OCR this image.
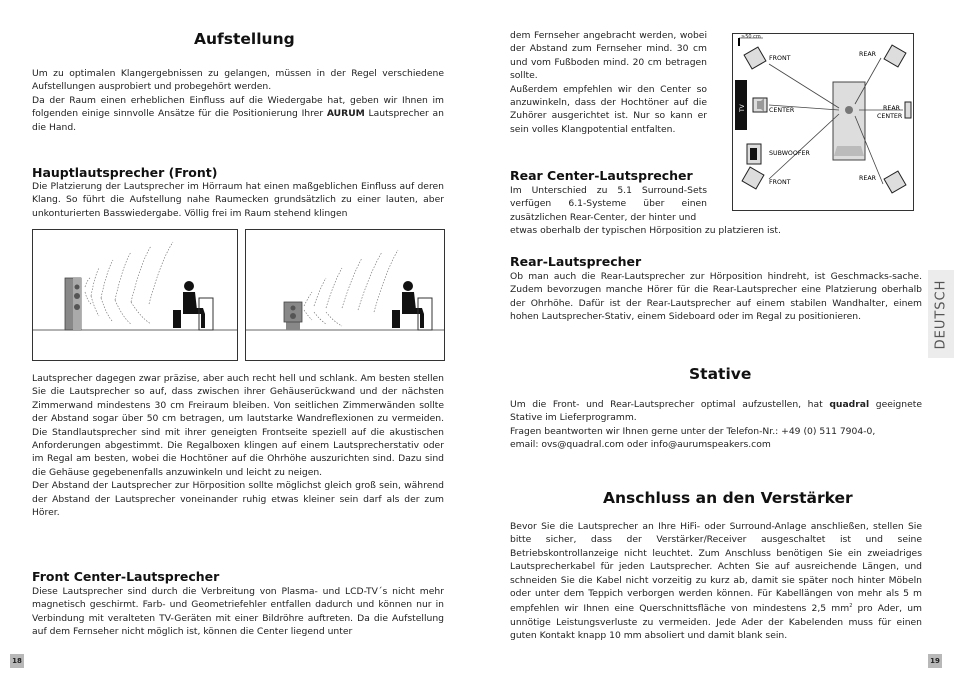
Aufstellung
Um zu optimalen Klangergebnissen zu gelangen, müssen in der Regel verschiedene Aufstellungen ausprobiert und probegehört werden.
Da der Raum einen erheblichen Einfluss auf die Wiedergabe hat, geben wir Ihnen im folgenden einige sinnvolle Ansätze für die Positionierung Ihrer AURUM Lautsprecher an die Hand.
Hauptlautsprecher (Front)
Die Platzierung der Lautsprecher im Hörraum hat einen maßgeblichen Einfluss auf deren Klang. So führt die Aufstellung nahe Raumecken grundsätzlich zu einer lauten, aber unkonturierten Basswiedergabe. Völlig frei im Raum stehend klingen
Lautsprecher dagegen zwar präzise, aber auch recht hell und schlank. Am besten stellen Sie die Lautsprecher so auf, dass zwischen ihrer Gehäuserückwand und der nächsten Zimmerwand mindestens 30 cm Freiraum bleiben. Von seitlichen Zimmerwänden sollte der Abstand sogar über 50 cm betragen, um lautstarke Wandreflexionen zu vermeiden. Die Standlautsprecher sind mit ihrer geneigten Frontseite speziell auf die akustischen Anforderungen abgestimmt. Die Regalboxen klingen auf einem Lautsprecherstativ oder im Regal am besten, wobei die Hochtöner auf die Ohrhöhe auszurichten sind. Dazu sind die Gehäuse gegebenenfalls anzuwinkeln und leicht zu neigen.
Der Abstand der Lautsprecher zur Hörposition sollte möglichst gleich groß sein, während der Abstand der Lautsprecher voneinander ruhig etwas kleiner sein darf als der zum Hörer.
Front Center-Lautsprecher
Diese Lautsprecher sind durch die Verbreitung von Plasma- und LCD-TV´s nicht mehr magnetisch geschirmt. Farb- und Geometriefehler entfallen dadurch und können nur in Verbindung mit veralteten TV-Geräten mit einer Bildröhre auftreten. Da die Aufstellung auf dem Fernseher nicht möglich ist, können die Center liegend unter
18
dem Fernseher angebracht werden, wobei der Abstand zum Fernseher mind. 30 cm und vom Fußboden mind. 20 cm betragen sollte.
Außerdem empfehlen wir den Center so anzuwinkeln, dass der Hochtöner auf die Zuhörer ausgerichtet ist. Nur so kann er sein volles Klangpotential entfalten.
≥50 cm
TV
FRONT
REAR
CENTER	REAR
CENTER
SUBWOOFER
FRONT
REAR
Rear Center-Lautsprecher
Im Unterschied zu 5.1 Surround-Sets verfügen 6.1-Systeme über einen zusätzlichen Rear-Center, der hinter und
etwas oberhalb der typischen Hörposition zu platzieren ist.
Rear-Lautsprecher
Ob man auch die Rear-Lautsprecher zur Hörposition hindreht, ist Geschmacks-sache. Zudem bevorzugen manche Hörer für die Rear-Lautsprecher eine Platzierung oberhalb der Ohrhöhe. Dafür ist der Rear-Lautsprecher auf einem stabilen Wandhalter, einem hohen Lautsprecher-Stativ, einem Sideboard oder im Regal zu positionieren.	DEUTSCH
Stative
Um die Front- und Rear-Lautsprecher optimal aufzustellen, hat quadral geeignete Stative im Lieferprogramm.
Fragen beantworten wir Ihnen gerne unter der Telefon-Nr.: +49 (0) 511 7904-0,
email: ovs@quadral.com oder info@aurumspeakers.com
Anschluss an den Verstärker
Bevor Sie die Lautsprecher an Ihre HiFi- oder Surround-Anlage anschließen, stellen Sie bitte sicher, dass der Verstärker/Receiver ausgeschaltet ist und seine Betriebskontrollanzeige nicht leuchtet. Zum Anschluss benötigen Sie ein zweiadriges Lautsprecherkabel für jeden Lautsprecher. Achten Sie auf ausreichende Längen, und schneiden Sie die Kabel nicht vorzeitig zu kurz ab, damit sie später noch hinter Möbeln oder unter dem Teppich verborgen werden können. Für Kabellängen von mehr als 5 m empfehlen wir Ihnen eine Querschnittsfläche von mindestens 2,5 $mm^2$ pro Ader, um unnötige Leistungsverluste zu vermeiden. Jede Ader der Kabelenden muss für einen guten Kontakt knapp 10 mm absoliert und damit blank sein.
19
